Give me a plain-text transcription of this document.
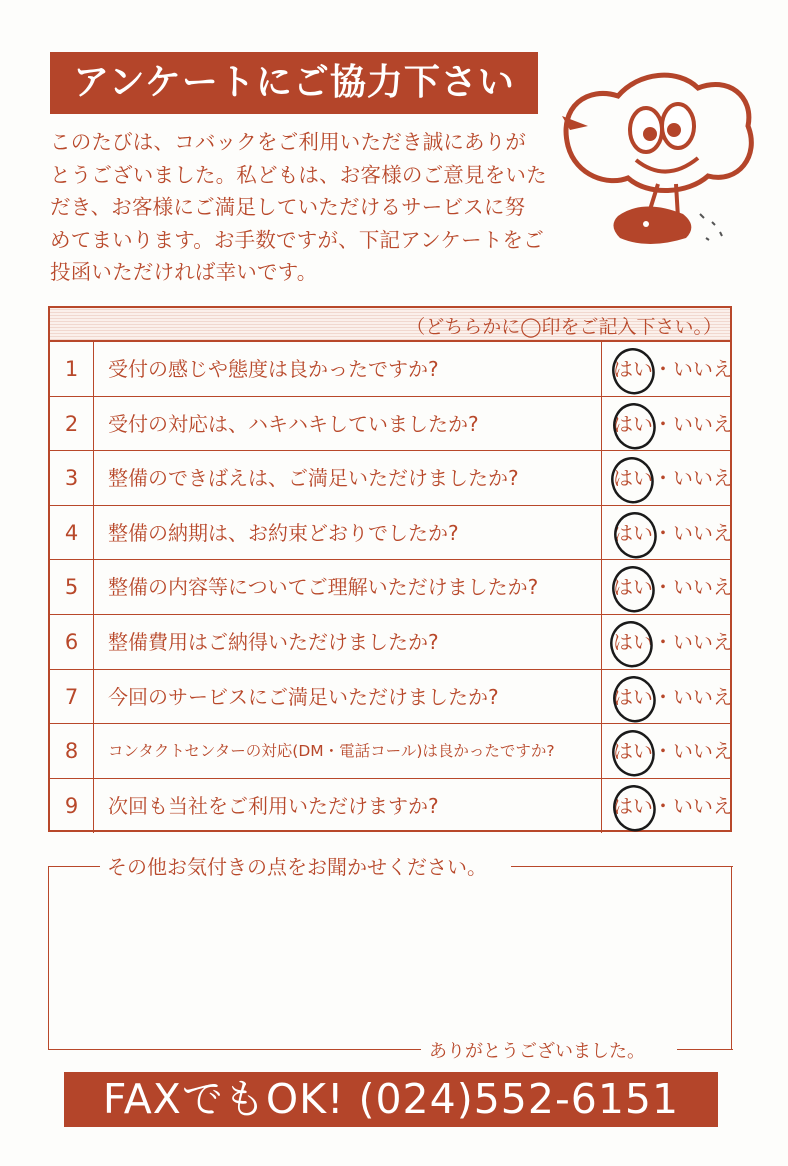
アンケートにご協力下さい
このたびは、コバックをご利用いただき誠にありが
とうございました。私どもは、お客様のご意見をいた
だき、お客様にご満足していただけるサービスに努
めてまいります。お手数ですが、下記アンケートをご
投函いただければ幸いです。
（どちらかに◯印をご記入下さい。）
1	受付の感じや態度は良かったですか?	はい・いいえ
2	受付の対応は、ハキハキしていましたか?	はい・いいえ
3	整備のできばえは、ご満足いただけましたか?	はい・いいえ
4	整備の納期は、お約束どおりでしたか?	はい・いいえ
5	整備の内容等についてご理解いただけましたか?	はい・いいえ
6	整備費用はご納得いただけましたか?	はい・いいえ
7	今回のサービスにご満足いただけましたか?	はい・いいえ
8	コンタクトセンターの対応(DM・電話コール)は良かったですか?	はい・いいえ
9	次回も当社をご利用いただけますか?	はい・いいえ
その他お気付きの点をお聞かせください。
ありがとうございました。
FAXでもOK! (024)552-6151
